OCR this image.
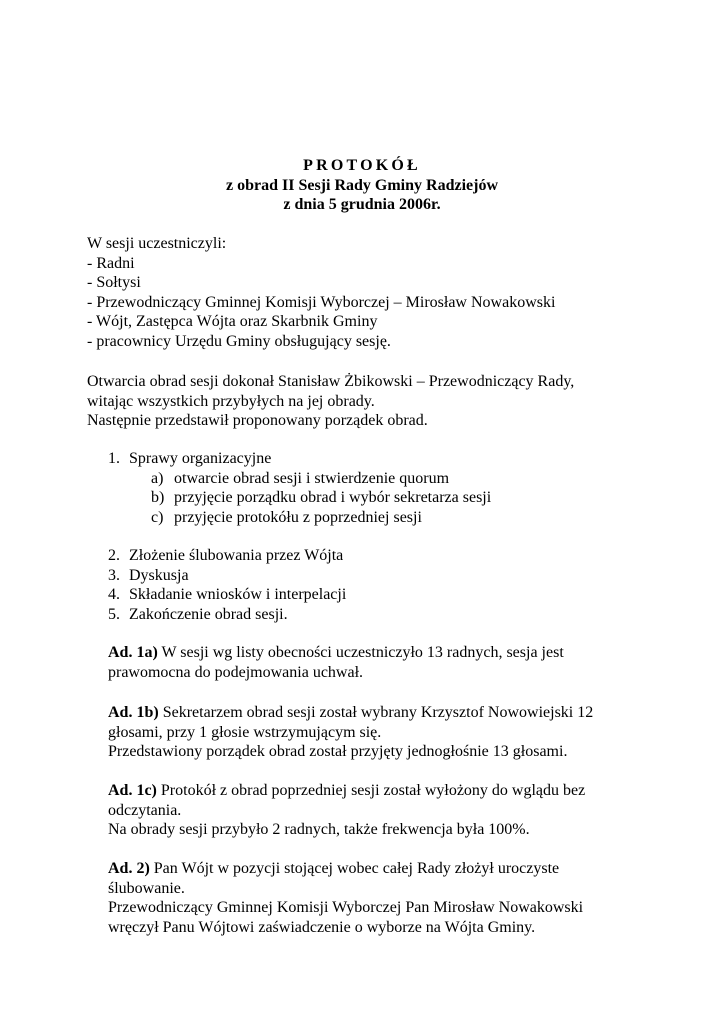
PROTOKÓŁ
z obrad II Sesji Rady Gminy Radziejów
z dnia 5 grudnia 2006r.
W sesji uczestniczyli:
- Radni
- Sołtysi
- Przewodniczący Gminnej Komisji Wyborczej – Mirosław Nowakowski
- Wójt, Zastępca Wójta oraz Skarbnik Gminy
- pracownicy Urzędu Gminy obsługujący sesję.
Otwarcia obrad sesji dokonał Stanisław Żbikowski – Przewodniczący Rady,
witając wszystkich przybyłych na jej obrady.
Następnie przedstawił proponowany porządek obrad.
1. Sprawy organizacyjne
a) otwarcie obrad sesji i stwierdzenie quorum
b) przyjęcie porządku obrad i wybór sekretarza sesji
c) przyjęcie protokółu z poprzedniej sesji
2. Złożenie ślubowania przez Wójta
3. Dyskusja
4. Składanie wniosków i interpelacji
5. Zakończenie obrad sesji.
Ad. 1a) W sesji wg listy obecności uczestniczyło 13 radnych, sesja jest
prawomocna do podejmowania uchwał.
Ad. 1b) Sekretarzem obrad sesji został wybrany Krzysztof Nowowiejski 12
głosami, przy 1 głosie wstrzymującym się.
Przedstawiony porządek obrad został przyjęty jednogłośnie 13 głosami.
Ad. 1c) Protokół z obrad poprzedniej sesji został wyłożony do wglądu bez
odczytania.
Na obrady sesji przybyło 2 radnych, także frekwencja była 100%.
Ad. 2) Pan Wójt w pozycji stojącej wobec całej Rady złożył uroczyste
ślubowanie.
Przewodniczący Gminnej Komisji Wyborczej Pan Mirosław Nowakowski
wręczył Panu Wójtowi zaświadczenie o wyborze na Wójta Gminy.
